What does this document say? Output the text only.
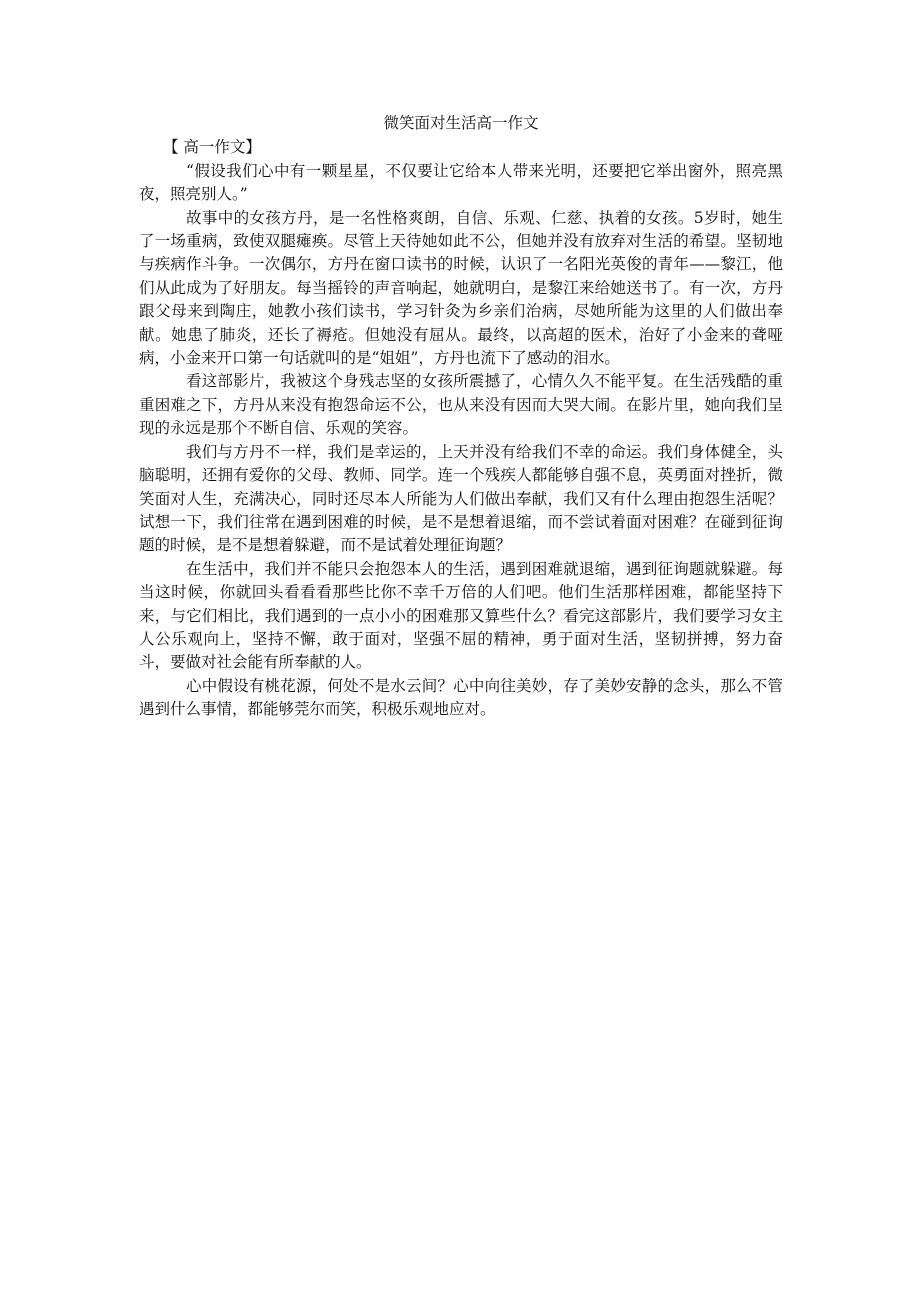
微笑面对生活高一作文

【 高一作文】

“假设我们心中有一颗星星，不仅要让它给本人带来光明，还要把它举出窗外，照亮黑夜，照亮别人。”

故事中的女孩方丹，是一名性格爽朗，自信、乐观、仁慈、执着的女孩。5岁时，她生了一场重病，致使双腿瘫痪。尽管上天待她如此不公，但她并没有放弃对生活的希望。坚韧地与疾病作斗争。一次偶尔，方丹在窗口读书的时候，认识了一名阳光英俊的青年——黎江，他们从此成为了好朋友。每当摇铃的声音响起，她就明白，是黎江来给她送书了。有一次，方丹跟父母来到陶庄，她教小孩们读书，学习针灸为乡亲们治病，尽她所能为这里的人们做出奉献。她患了肺炎，还长了褥疮。但她没有屈从。最终，以高超的医术，治好了小金来的聋哑病，小金来开口第一句话就叫的是“姐姐”，方丹也流下了感动的泪水。

看这部影片，我被这个身残志坚的女孩所震撼了，心情久久不能平复。在生活残酷的重重困难之下，方丹从来没有抱怨命运不公，也从来没有因而大哭大闹。在影片里，她向我们呈现的永远是那个不断自信、乐观的笑容。

我们与方丹不一样，我们是幸运的，上天并没有给我们不幸的命运。我们身体健全，头脑聪明，还拥有爱你的父母、教师、同学。连一个残疾人都能够自强不息，英勇面对挫折，微笑面对人生，充满决心，同时还尽本人所能为人们做出奉献，我们又有什么理由抱怨生活呢？试想一下，我们往常在遇到困难的时候，是不是想着退缩，而不尝试着面对困难？在碰到征询题的时候，是不是想着躲避，而不是试着处理征询题？

在生活中，我们并不能只会抱怨本人的生活，遇到困难就退缩，遇到征询题就躲避。每当这时候，你就回头看看看那些比你不幸千万倍的人们吧。他们生活那样困难，都能坚持下来，与它们相比，我们遇到的一点小小的困难那又算些什么？看完这部影片，我们要学习女主人公乐观向上，坚持不懈，敢于面对，坚强不屈的精神，勇于面对生活，坚韧拼搏，努力奋斗，要做对社会能有所奉献的人。

心中假设有桃花源，何处不是水云间？心中向往美妙，存了美妙安静的念头，那么不管遇到什么事情，都能够莞尔而笑，积极乐观地应对。
